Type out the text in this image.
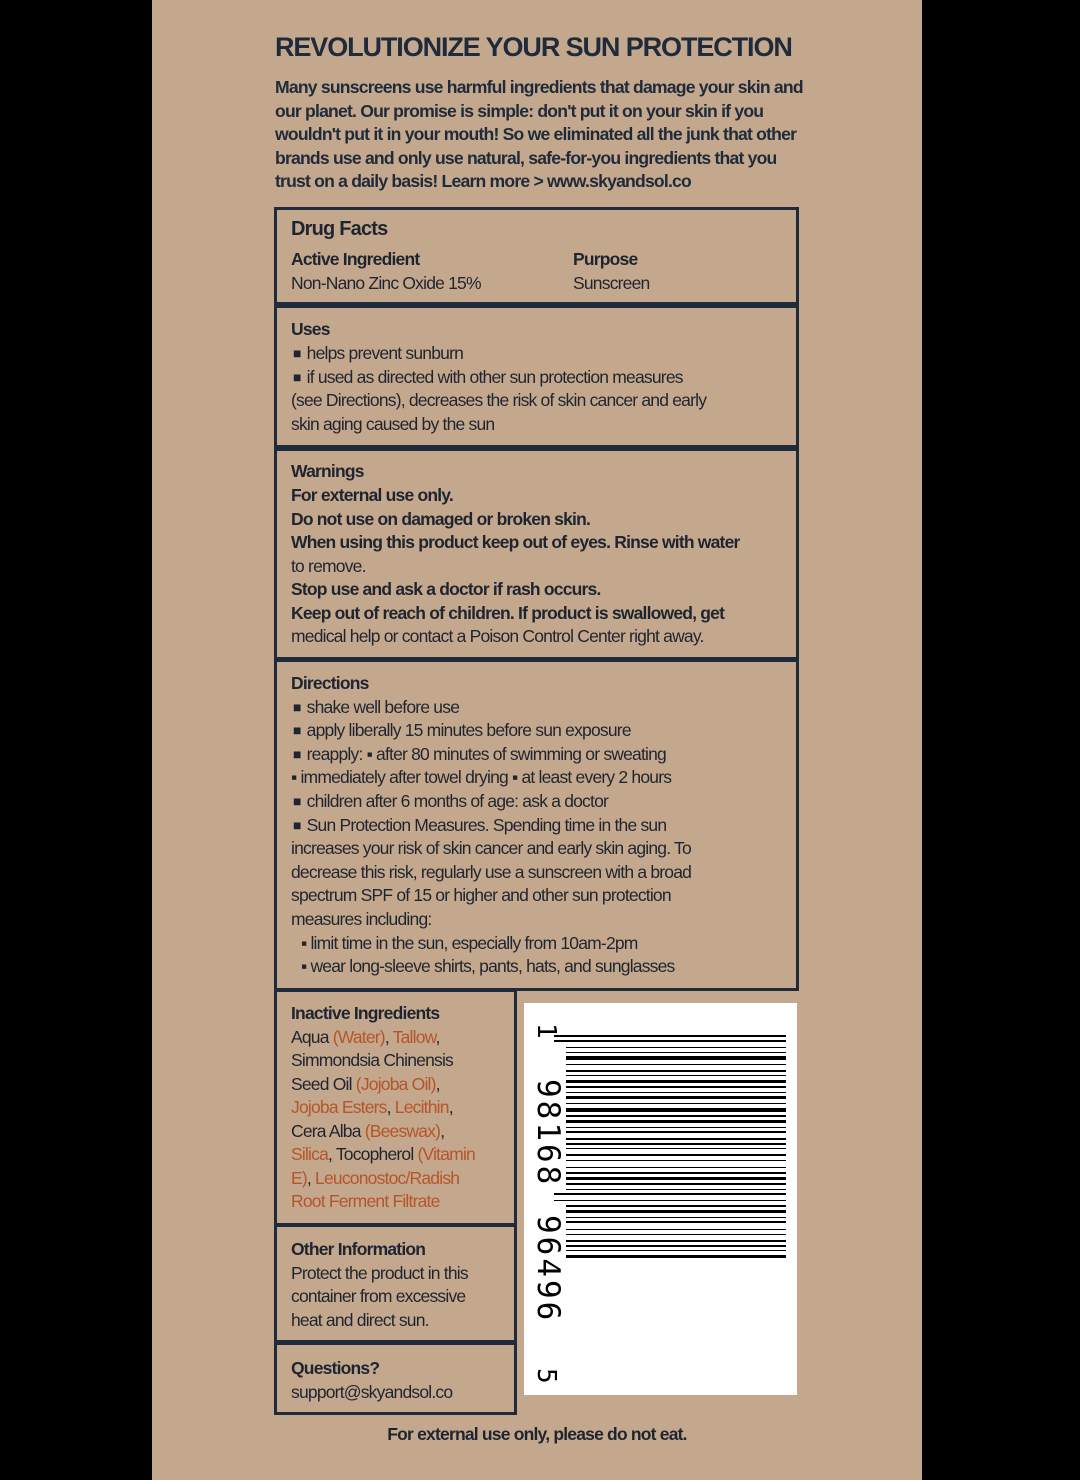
REVOLUTIONIZE YOUR SUN PROTECTION
Many sunscreens use harmful ingredients that damage your skin and our planet. Our promise is simple: don't put it on your skin if you wouldn't put it in your mouth! So we eliminated all the junk that other brands use and only use natural, safe-for-you ingredients that you trust on a daily basis! Learn more > www.skyandsol.co
Drug Facts
Active Ingredient
Non-Nano Zinc Oxide 15%
Purpose
Sunscreen
Uses
■ helps prevent sunburn
■ if used as directed with other sun protection measures
(see Directions), decreases the risk of skin cancer and early
skin aging caused by the sun
Warnings
For external use only.
Do not use on damaged or broken skin.
When using this product keep out of eyes. Rinse with water
to remove.
Stop use and ask a doctor if rash occurs.
Keep out of reach of children. If product is swallowed, get
medical help or contact a Poison Control Center right away.
Directions
■ shake well before use
■ apply liberally 15 minutes before sun exposure
■ reapply: ▪ after 80 minutes of swimming or sweating
▪ immediately after towel drying ▪ at least every 2 hours
■ children after 6 months of age: ask a doctor
■ Sun Protection Measures. Spending time in the sun
increases your risk of skin cancer and early skin aging. To
decrease this risk, regularly use a sunscreen with a broad
spectrum SPF of 15 or higher and other sun protection
measures including:
▪ limit time in the sun, especially from 10am-2pm
▪ wear long-sleeve shirts, pants, hats, and sunglasses
Inactive Ingredients
Aqua (Water), Tallow,
Simmondsia Chinensis
Seed Oil (Jojoba Oil),
Jojoba Esters, Lecithin,
Cera Alba (Beeswax),
Silica, Tocopherol (Vitamin
E), Leuconostoc/Radish
Root Ferment Filtrate
Other Information
Protect the product in this
container from excessive
heat and direct sun.
Questions?
support@skyandsol.co
1
98168
96496
5
For external use only, please do not eat.
